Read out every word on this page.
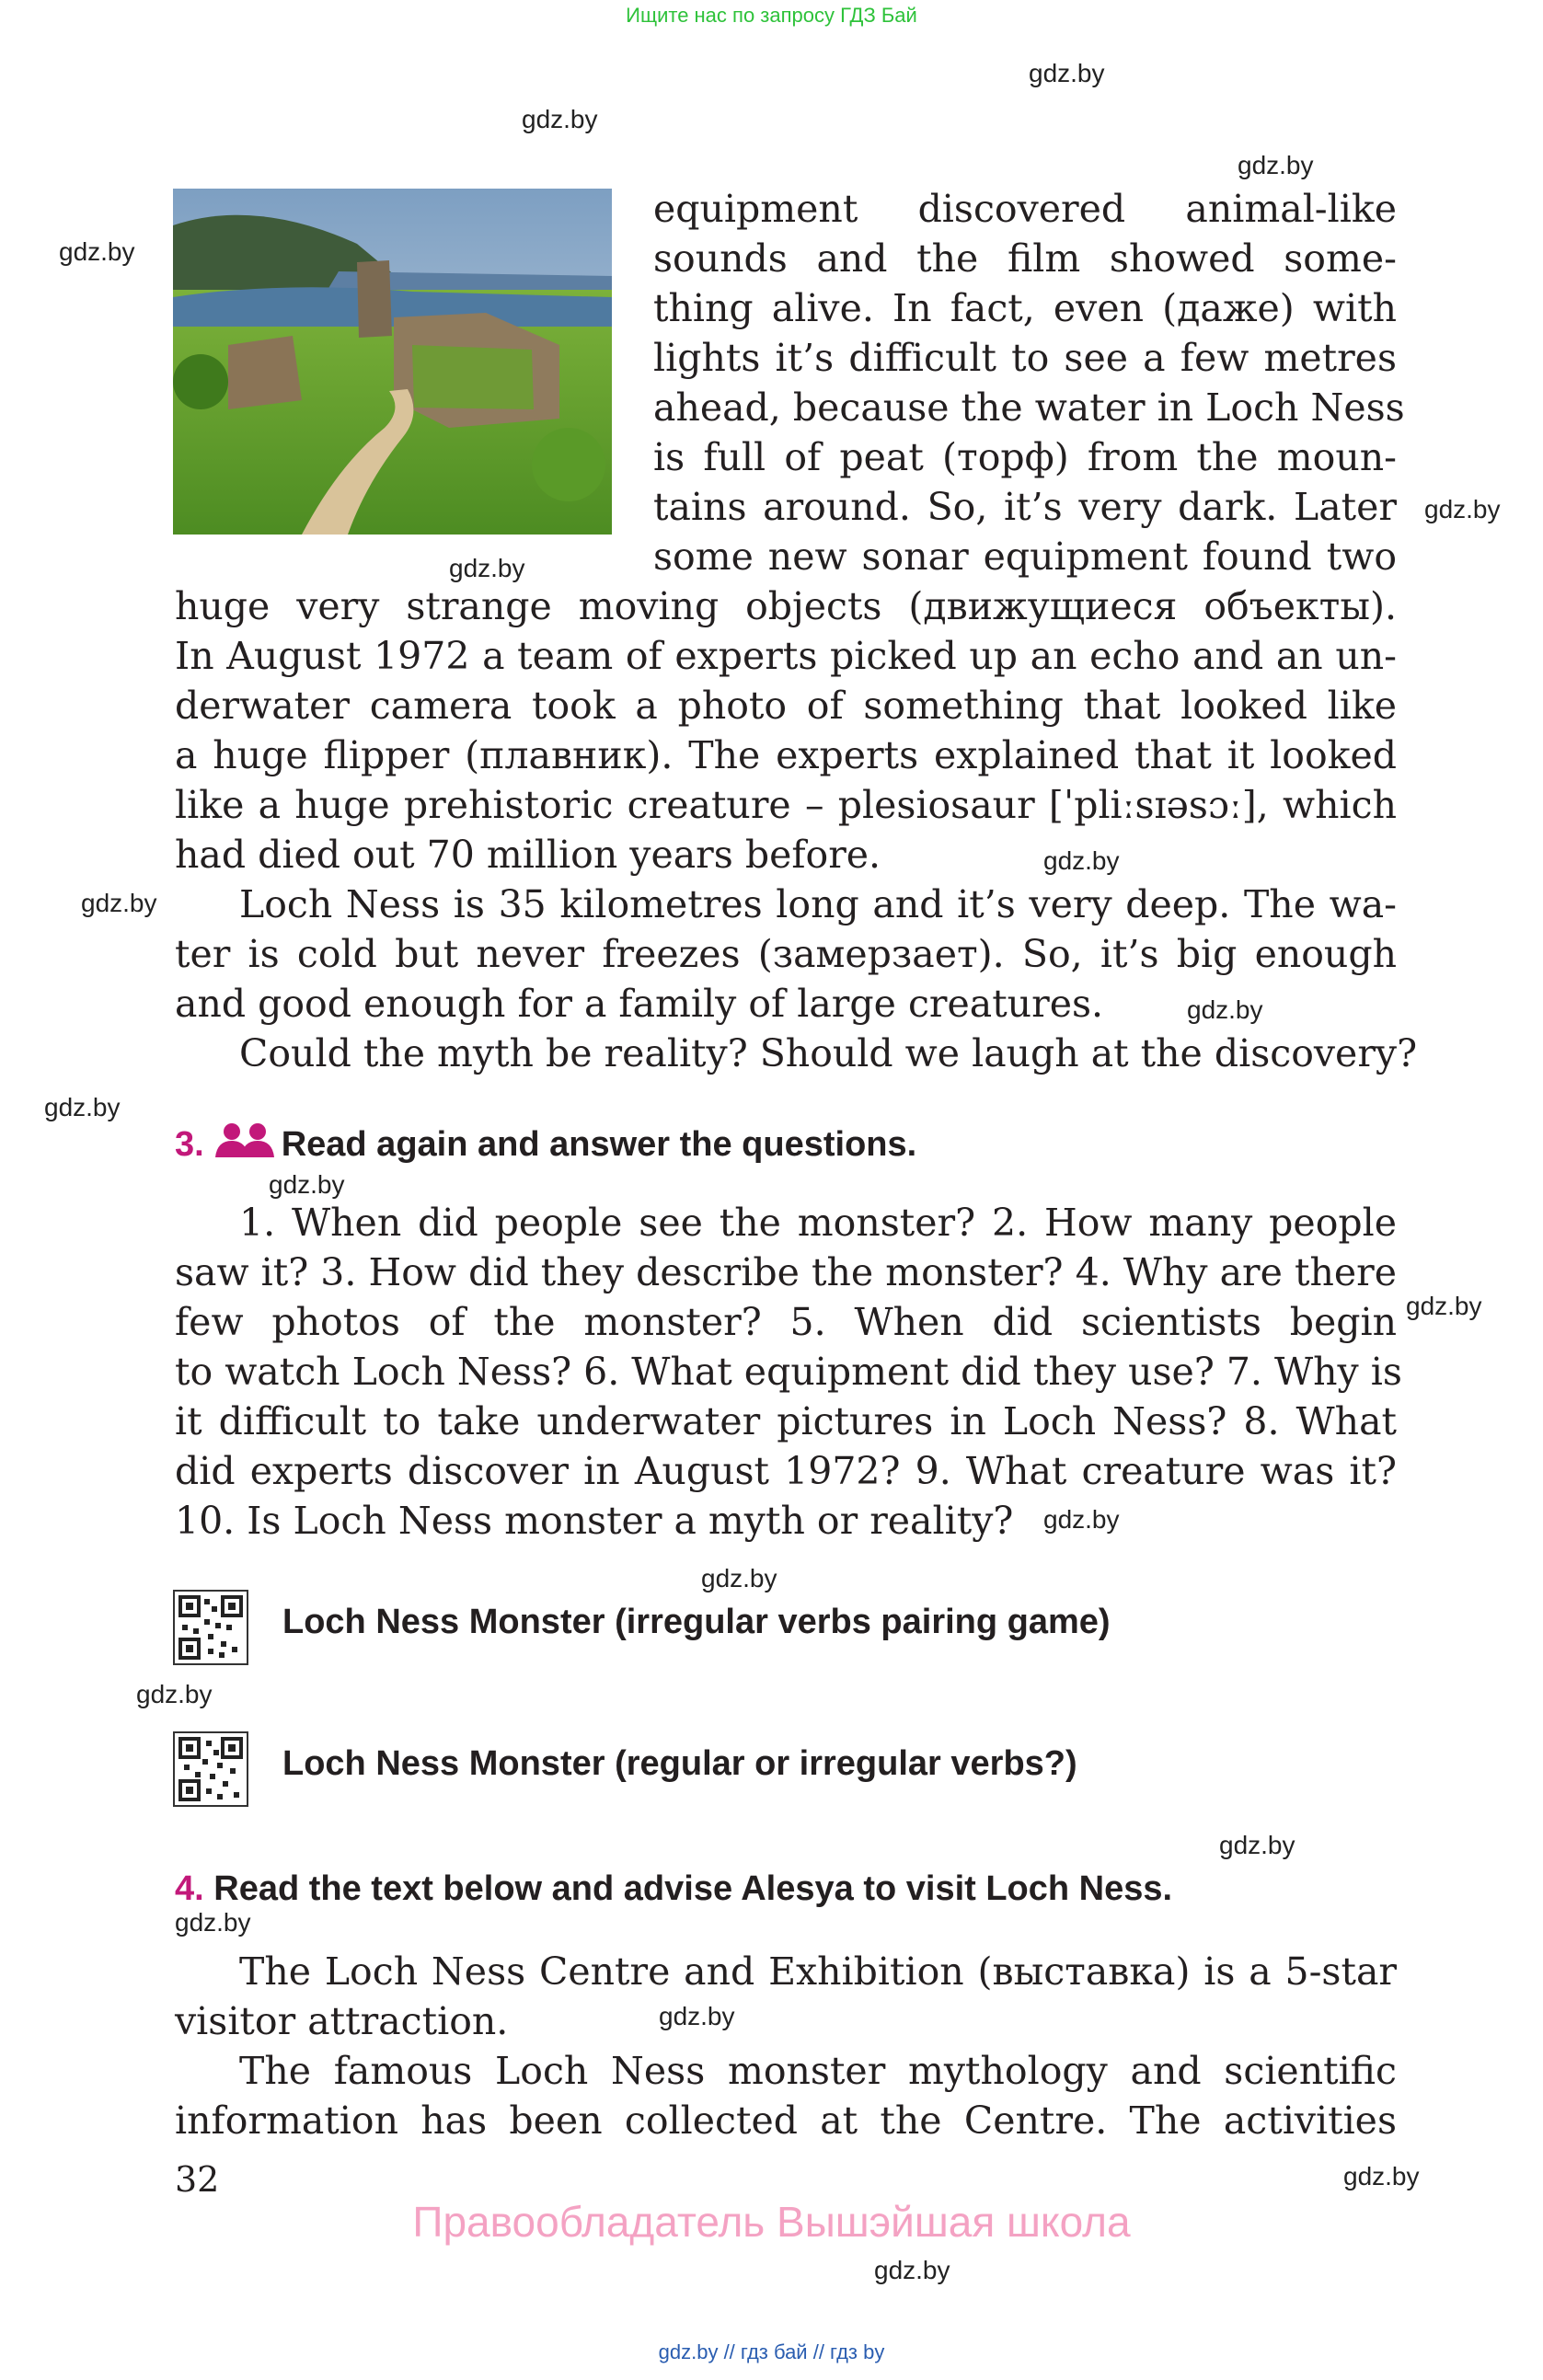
Ищите нас по запросу ГДЗ Бай
gdz.by
gdz.by
gdz.by
gdz.by
gdz.by
gdz.by
gdz.by
gdz.by
gdz.by
gdz.by
gdz.by
gdz.by
gdz.by
gdz.by
gdz.by
gdz.by
gdz.by
gdz.by
gdz.by
gdz.by
equipment discovered animal-like
sounds and the film showed some-
thing alive. In fact, even (даже) with
lights it’s difficult to see a few metres
ahead, because the water in Loch Ness
is full of peat (торф) from the moun-
tains around. So, it’s very dark. Later
some new sonar equipment found two
huge very strange moving objects (движущиеся объекты).
In August 1972 a team of experts picked up an echo and an un-
derwater camera took a photo of something that looked like
a huge flipper (плавник). The experts explained that it looked
like a huge prehistoric creature – plesiosaur [ˈpliːsɪəsɔː], which
had died out 70 million years before.
Loch Ness is 35 kilometres long and it’s very deep. The wa-
ter is cold but never freezes (замерзает). So, it’s big enough
and good enough for a family of large creatures.
Could the myth be reality? Should we laugh at the discovery?
3. Read again and answer the questions.
1. When did people see the monster? 2. How many people
saw it? 3. How did they describe the monster? 4. Why are there
few photos of the monster? 5. When did scientists begin
to watch Loch Ness? 6. What equipment did they use? 7. Why is
it difficult to take underwater pictures in Loch Ness? 8. What
did experts discover in August 1972? 9. What creature was it?
10. Is Loch Ness monster a myth or reality?
Loch Ness Monster (irregular verbs pairing game)
Loch Ness Monster (regular or irregular verbs?)
4. Read the text below and advise Alesya to visit Loch Ness.
The Loch Ness Centre and Exhibition (выставка) is a 5-star
visitor attraction.
The famous Loch Ness monster mythology and scientific
information has been collected at the Centre. The activities
32
Правообладатель Вышэйшая школа
gdz.by // гдз бай // гдз by
